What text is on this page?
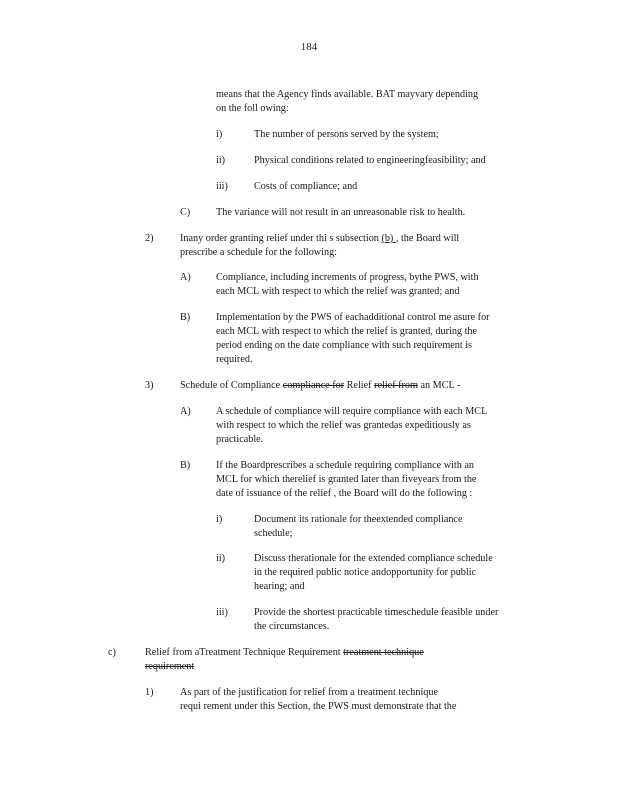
184
means that the Agency finds available. BAT mayvary depending
on the foll owing:
i)	The number of persons served by the system;
ii)	Physical conditions related to engineeringfeasibility; and
iii)	Costs of compliance; and
C)	The variance will not result in an unreasonable risk to health.
2)	Inany order granting relief under thi s subsection (b) , the Board will
prescribe a schedule for the following:
A) Compliance, including increments of progress, bythe PWS, with
each MCL with respect to which the relief was granted; and
B)	Implementation by the PWS of eachadditional control me asure for
each MCL with respect to which the relief is granted, during the
period ending on the date compliance with such requirement is
required.
3)	Schedule of Compliance compliance for Relief relief from an MCL -
A) A schedule of compliance will require compliance with each MCL
with respect to which the relief was grantedas expeditiously as
practicable.
B)	If the Boardprescribes a schedule requiring compliance with an
MCL for which therelief is granted later than fiveyears from the
date of issuance of the relief , the Board will do the following :
i)	Document its rationale for theextended compliance
schedule;
ii)	Discuss therationale for the extended compliance schedule
in the required public notice andopportunity for public
hearing; and
iii)	Provide the shortest practicable timeschedule feasible under
the circumstances.
c)	Relief from aTreatment Technique Requirement treatment technique
requirement
1)	As part of the justification for relief from a treatment technique
requi rement under this Section, the PWS must demonstrate that the
